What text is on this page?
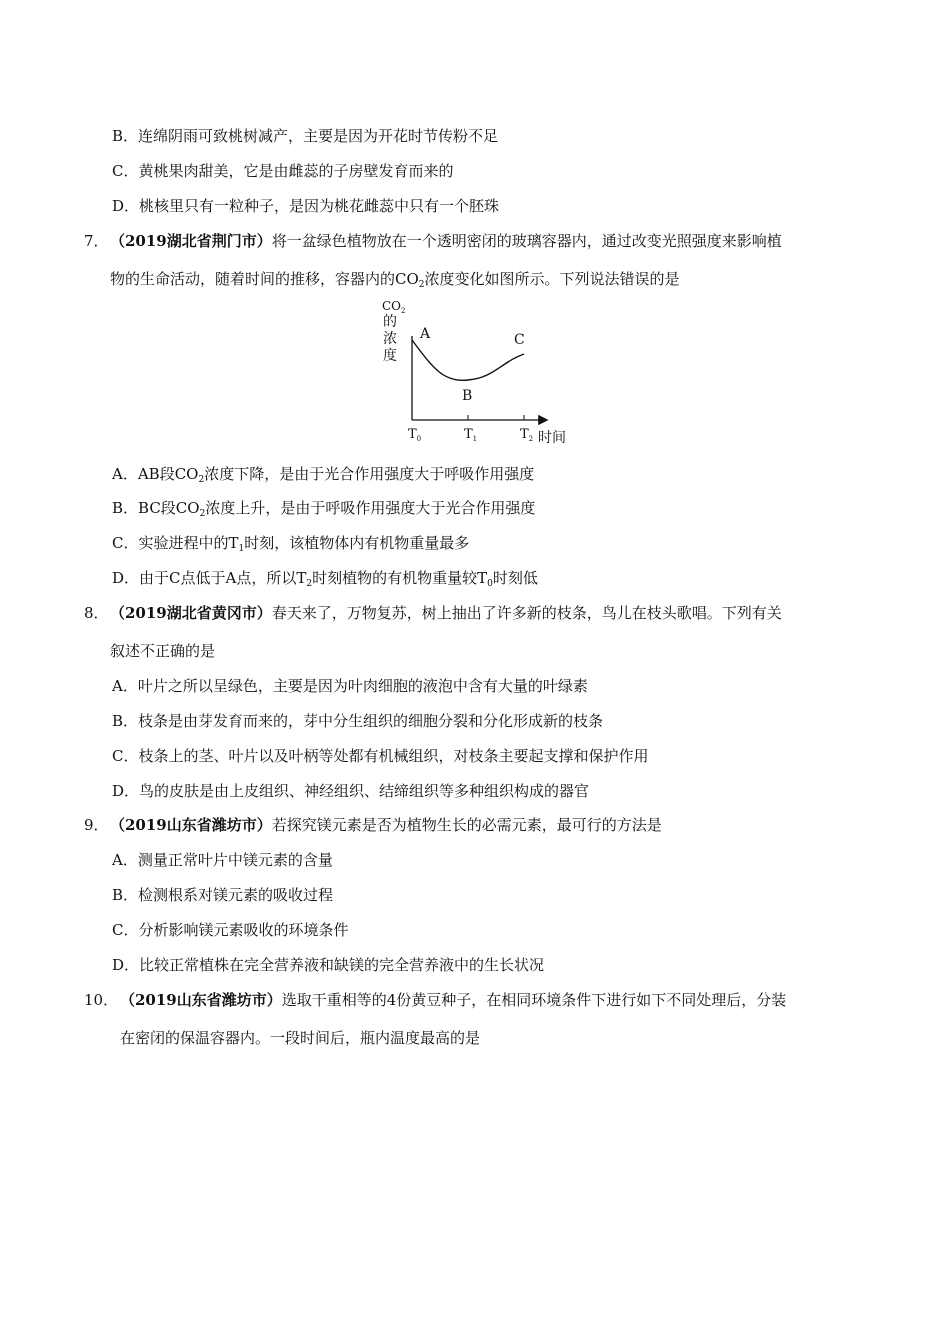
B．连绵阴雨可致桃树减产，主要是因为开花时节传粉不足
C．黄桃果肉甜美，它是由雌蕊的子房壁发育而来的
D．桃核里只有一粒种子，是因为桃花雌蕊中只有一个胚珠
7． （2019湖北省荆门市）将一盆绿色植物放在一个透明密闭的玻璃容器内，通过改变光照强度来影响植
物的生命活动，随着时间的推移，容器内的$CO_2$浓度变化如图所示。下列说法错误的是
$CO_2$
的
浓
度
A
B
C
$T_0$	$T_1$	$T_2$ 时间
A．AB段$CO_2$浓度下降，是由于光合作用强度大于呼吸作用强度
B．BC段$CO_2$浓度上升，是由于呼吸作用强度大于光合作用强度
C．实验进程中的$T_1$时刻，该植物体内有机物重量最多
D．由于C点低于A点，所以$T_2$时刻植物的有机物重量较$T_0$时刻低
8． （2019湖北省黄冈市）春天来了，万物复苏，树上抽出了许多新的枝条，鸟儿在枝头歌唱。下列有关
叙述不正确的是
A．叶片之所以呈绿色，主要是因为叶肉细胞的液泡中含有大量的叶绿素
B．枝条是由芽发育而来的，芽中分生组织的细胞分裂和分化形成新的枝条
C．枝条上的茎、叶片以及叶柄等处都有机械组织，对枝条主要起支撑和保护作用
D．鸟的皮肤是由上皮组织、神经组织、结缔组织等多种组织构成的器官
9． （2019山东省潍坊市）若探究镁元素是否为植物生长的必需元素，最可行的方法是
A．测量正常叶片中镁元素的含量
B．检测根系对镁元素的吸收过程
C．分析影响镁元素吸收的环境条件
D．比较正常植株在完全营养液和缺镁的完全营养液中的生长状况
10． （2019山东省潍坊市）选取干重相等的4份黄豆种子，在相同环境条件下进行如下不同处理后，分装
在密闭的保温容器内。一段时间后，瓶内温度最高的是
